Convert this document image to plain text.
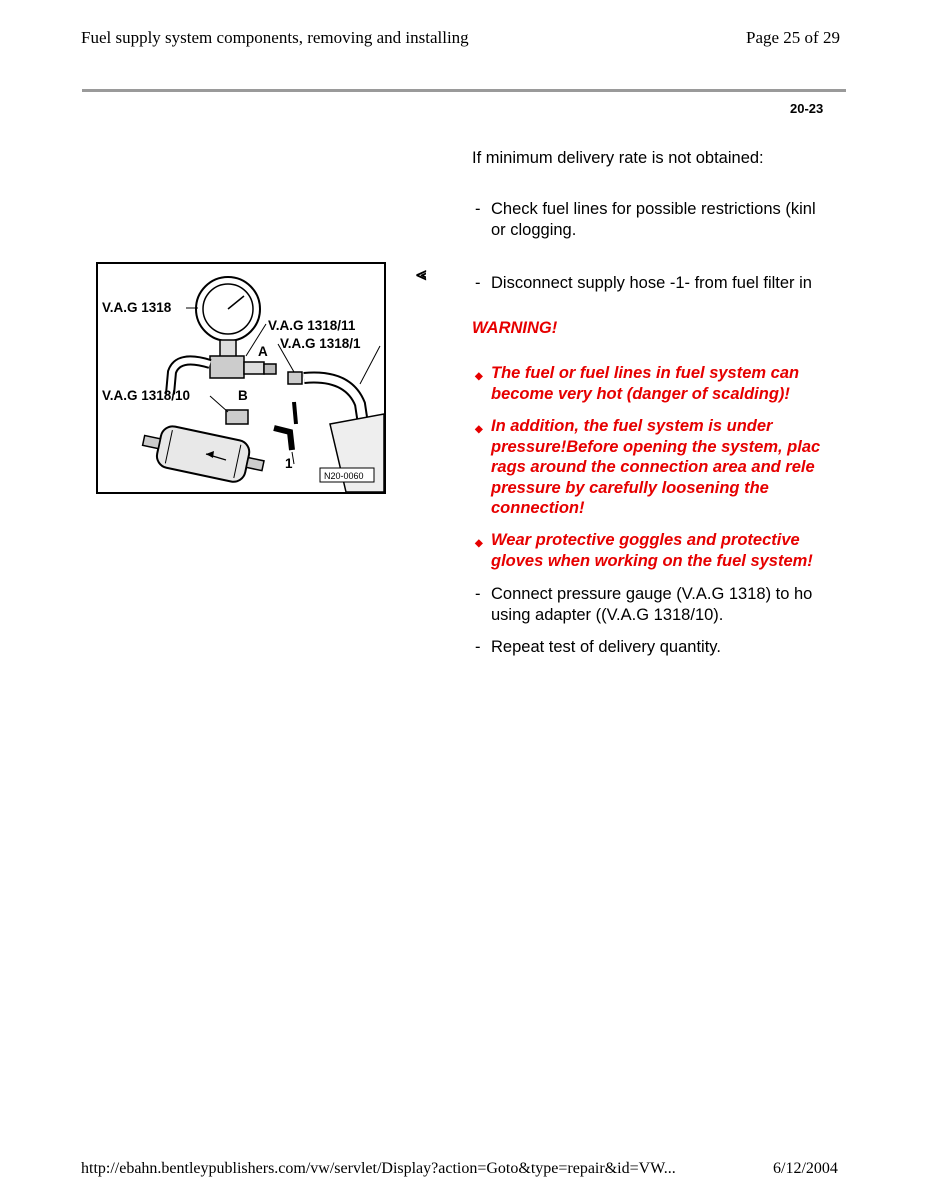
Fuel supply system components, removing and installing	Page 25 of 29
20-23
V.A.G 1318
V.A.G 1318/11
V.A.G 1318/1
A
V.A.G 1318/10	B
1
N20-0060
⪡
If minimum delivery rate is not obtained:
- Check fuel lines for possible restrictions (kinl
or clogging.
- Disconnect supply hose -1- from fuel filter in
WARNING!
◆ The fuel or fuel lines in fuel system can
become very hot (danger of scalding)!
◆ In addition, the fuel system is under
pressure!Before opening the system, plac
rags around the connection area and rele
pressure by carefully loosening the
connection!
◆ Wear protective goggles and protective
gloves when working on the fuel system!
- Connect pressure gauge (V.A.G 1318) to ho
using adapter ((V.A.G 1318/10).
- Repeat test of delivery quantity.
http://ebahn.bentleypublishers.com/vw/servlet/Display?action=Goto&type=repair&id=VW...	6/12/2004
